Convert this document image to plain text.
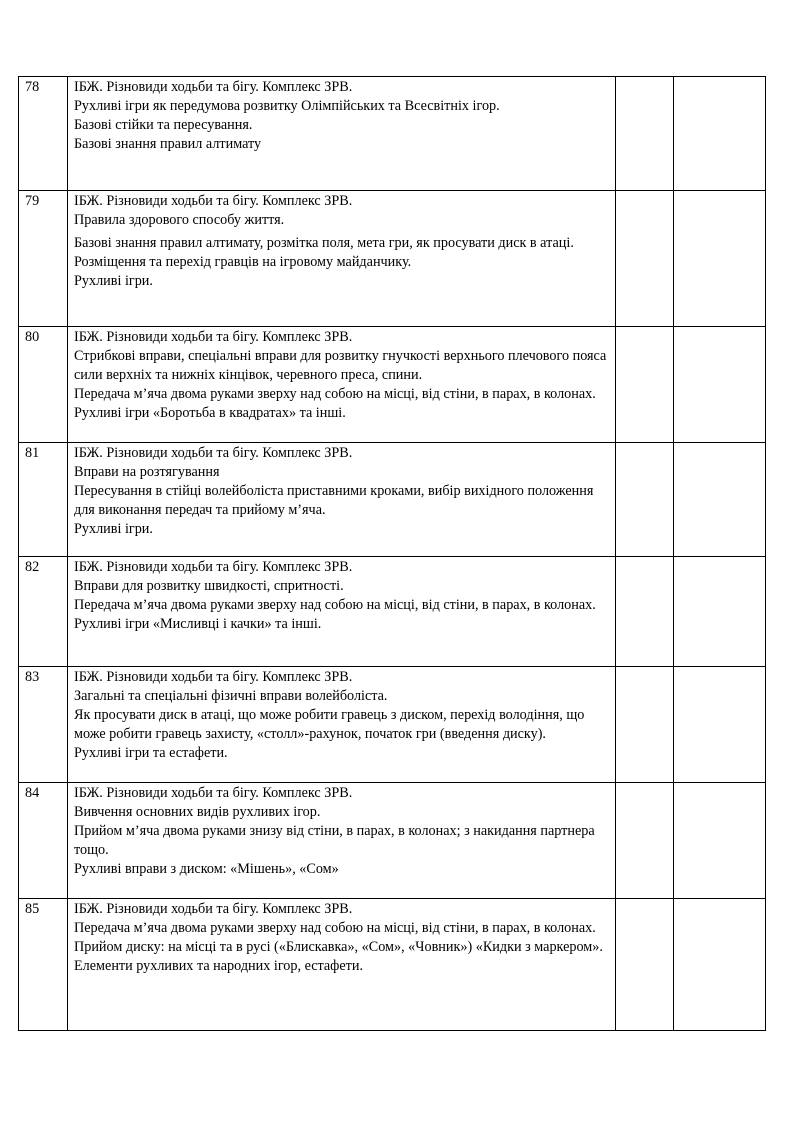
78	ІБЖ. Різновиди ходьби та бігу. Комплекс ЗРВ.
Рухливі ігри як передумова розвитку Олімпійських та Всесвітніх ігор.
Базові стійки та пересування.
Базові знання правил алтимату		

79	ІБЖ. Різновиди ходьби та бігу. Комплекс ЗРВ.
Правила здорового способу життя.
Базові знання правил алтимату, розмітка поля, мета гри, як просувати диск в атаці.
Розміщення та перехід гравців на ігровому майданчику.
Рухливі ігри.		

80	ІБЖ. Різновиди ходьби та бігу. Комплекс ЗРВ.
Стрибкові вправи, спеціальні вправи для розвитку гнучкості верхнього плечового пояса сили верхніх та нижніх кінцівок, черевного преса, спини.
Передача м’яча двома руками зверху над собою на місці, від стіни, в парах, в колонах.
Рухливі ігри «Боротьба в квадратах» та інші.		

81	ІБЖ. Різновиди ходьби та бігу. Комплекс ЗРВ.
Вправи на розтягування
Пересування в стійці волейболіста приставними кроками, вибір вихідного положення для виконання передач та прийому м’яча.
Рухливі ігри.		

82	ІБЖ. Різновиди ходьби та бігу. Комплекс ЗРВ.
Вправи для розвитку швидкості, спритності.
Передача м’яча двома руками зверху над собою на місці, від стіни, в парах, в колонах.
Рухливі ігри «Мисливці і качки» та інші.		

83	ІБЖ. Різновиди ходьби та бігу. Комплекс ЗРВ.
Загальні та спеціальні фізичні вправи волейболіста.
Як просувати диск в атаці, що може робити гравець з диском, перехід володіння, що може робити гравець захисту, «столл»-рахунок, початок гри (введення диску).
Рухливі ігри та естафети.		

84	ІБЖ. Різновиди ходьби та бігу. Комплекс ЗРВ.
Вивчення основних видів рухливих ігор.
Прийом м’яча двома руками знизу від стіни, в парах, в колонах; з накидання партнера тощо.
Рухливі вправи з диском: «Мішень», «Сом»		

85	ІБЖ. Різновиди ходьби та бігу. Комплекс ЗРВ.
Передача м’яча двома руками зверху над собою на місці, від стіни, в парах, в колонах.
Прийом диску: на місці та в русі («Блискавка», «Сом», «Човник») «Кидки з маркером».
Елементи рухливих та народних ігор, естафети.		
